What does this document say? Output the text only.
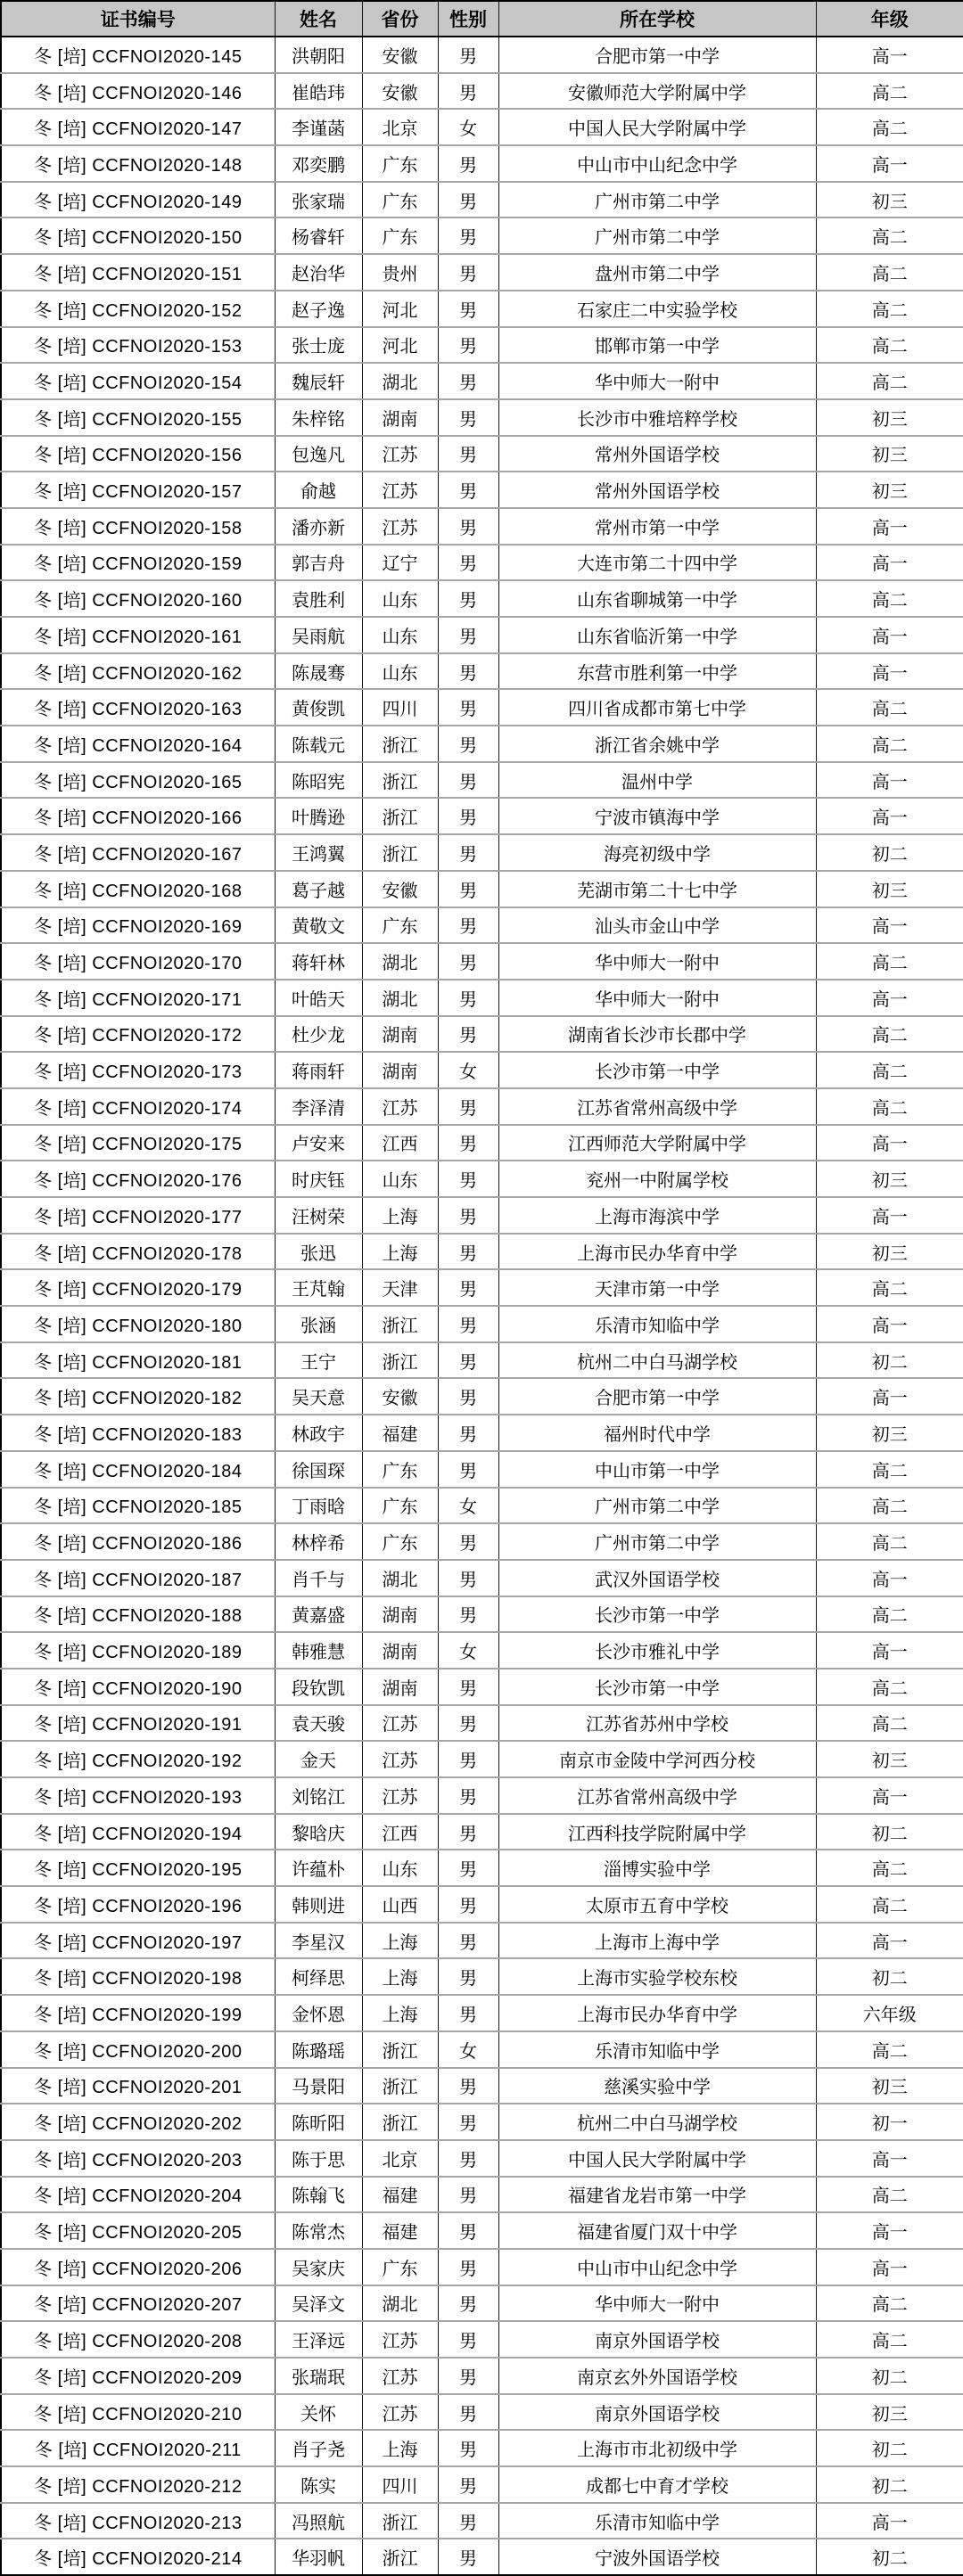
证书编号	姓名	省份	性别	所在学校	年级
冬 [培] CCFNOI2020-145	洪朝阳	安徽	男	合肥市第一中学	高一
冬 [培] CCFNOI2020-146	崔皓玮	安徽	男	安徽师范大学附属中学	高二
冬 [培] CCFNOI2020-147	李谨菡	北京	女	中国人民大学附属中学	高二
冬 [培] CCFNOI2020-148	邓奕鹏	广东	男	中山市中山纪念中学	高一
冬 [培] CCFNOI2020-149	张家瑞	广东	男	广州市第二中学	初三
冬 [培] CCFNOI2020-150	杨睿轩	广东	男	广州市第二中学	高二
冬 [培] CCFNOI2020-151	赵治华	贵州	男	盘州市第二中学	高二
冬 [培] CCFNOI2020-152	赵子逸	河北	男	石家庄二中实验学校	高二
冬 [培] CCFNOI2020-153	张士庞	河北	男	邯郸市第一中学	高二
冬 [培] CCFNOI2020-154	魏辰轩	湖北	男	华中师大一附中	高二
冬 [培] CCFNOI2020-155	朱梓铭	湖南	男	长沙市中雅培粹学校	初三
冬 [培] CCFNOI2020-156	包逸凡	江苏	男	常州外国语学校	初三
冬 [培] CCFNOI2020-157	俞越	江苏	男	常州外国语学校	初三
冬 [培] CCFNOI2020-158	潘亦新	江苏	男	常州市第一中学	高一
冬 [培] CCFNOI2020-159	郭吉舟	辽宁	男	大连市第二十四中学	高一
冬 [培] CCFNOI2020-160	袁胜利	山东	男	山东省聊城第一中学	高二
冬 [培] CCFNOI2020-161	吴雨航	山东	男	山东省临沂第一中学	高一
冬 [培] CCFNOI2020-162	陈晟骞	山东	男	东营市胜利第一中学	高一
冬 [培] CCFNOI2020-163	黄俊凯	四川	男	四川省成都市第七中学	高二
冬 [培] CCFNOI2020-164	陈载元	浙江	男	浙江省余姚中学	高二
冬 [培] CCFNOI2020-165	陈昭宪	浙江	男	温州中学	高一
冬 [培] CCFNOI2020-166	叶腾逊	浙江	男	宁波市镇海中学	高一
冬 [培] CCFNOI2020-167	王鸿翼	浙江	男	海亮初级中学	初二
冬 [培] CCFNOI2020-168	葛子越	安徽	男	芜湖市第二十七中学	初三
冬 [培] CCFNOI2020-169	黄敬文	广东	男	汕头市金山中学	高一
冬 [培] CCFNOI2020-170	蒋轩林	湖北	男	华中师大一附中	高二
冬 [培] CCFNOI2020-171	叶皓天	湖北	男	华中师大一附中	高一
冬 [培] CCFNOI2020-172	杜少龙	湖南	男	湖南省长沙市长郡中学	高二
冬 [培] CCFNOI2020-173	蒋雨轩	湖南	女	长沙市第一中学	高二
冬 [培] CCFNOI2020-174	李泽清	江苏	男	江苏省常州高级中学	高二
冬 [培] CCFNOI2020-175	卢安来	江西	男	江西师范大学附属中学	高一
冬 [培] CCFNOI2020-176	时庆钰	山东	男	兖州一中附属学校	初三
冬 [培] CCFNOI2020-177	汪树荣	上海	男	上海市海滨中学	高一
冬 [培] CCFNOI2020-178	张迅	上海	男	上海市民办华育中学	初三
冬 [培] CCFNOI2020-179	王芃翰	天津	男	天津市第一中学	高二
冬 [培] CCFNOI2020-180	张涵	浙江	男	乐清市知临中学	高一
冬 [培] CCFNOI2020-181	王宁	浙江	男	杭州二中白马湖学校	初二
冬 [培] CCFNOI2020-182	吴天意	安徽	男	合肥市第一中学	高一
冬 [培] CCFNOI2020-183	林政宇	福建	男	福州时代中学	初三
冬 [培] CCFNOI2020-184	徐国琛	广东	男	中山市第一中学	高二
冬 [培] CCFNOI2020-185	丁雨晗	广东	女	广州市第二中学	高二
冬 [培] CCFNOI2020-186	林梓希	广东	男	广州市第二中学	高二
冬 [培] CCFNOI2020-187	肖千与	湖北	男	武汉外国语学校	高一
冬 [培] CCFNOI2020-188	黄嘉盛	湖南	男	长沙市第一中学	高二
冬 [培] CCFNOI2020-189	韩雅慧	湖南	女	长沙市雅礼中学	高一
冬 [培] CCFNOI2020-190	段钦凯	湖南	男	长沙市第一中学	高二
冬 [培] CCFNOI2020-191	袁天骏	江苏	男	江苏省苏州中学校	高二
冬 [培] CCFNOI2020-192	金天	江苏	男	南京市金陵中学河西分校	初三
冬 [培] CCFNOI2020-193	刘铭江	江苏	男	江苏省常州高级中学	高一
冬 [培] CCFNOI2020-194	黎晗庆	江西	男	江西科技学院附属中学	初二
冬 [培] CCFNOI2020-195	许蕴朴	山东	男	淄博实验中学	高二
冬 [培] CCFNOI2020-196	韩则进	山西	男	太原市五育中学校	高二
冬 [培] CCFNOI2020-197	李星汉	上海	男	上海市上海中学	高一
冬 [培] CCFNOI2020-198	柯绎思	上海	男	上海市实验学校东校	初二
冬 [培] CCFNOI2020-199	金怀恩	上海	男	上海市民办华育中学	六年级
冬 [培] CCFNOI2020-200	陈璐瑶	浙江	女	乐清市知临中学	高二
冬 [培] CCFNOI2020-201	马景阳	浙江	男	慈溪实验中学	初三
冬 [培] CCFNOI2020-202	陈昕阳	浙江	男	杭州二中白马湖学校	初一
冬 [培] CCFNOI2020-203	陈于思	北京	男	中国人民大学附属中学	高一
冬 [培] CCFNOI2020-204	陈翰飞	福建	男	福建省龙岩市第一中学	高二
冬 [培] CCFNOI2020-205	陈常杰	福建	男	福建省厦门双十中学	高一
冬 [培] CCFNOI2020-206	吴家庆	广东	男	中山市中山纪念中学	高一
冬 [培] CCFNOI2020-207	吴泽文	湖北	男	华中师大一附中	高二
冬 [培] CCFNOI2020-208	王泽远	江苏	男	南京外国语学校	高二
冬 [培] CCFNOI2020-209	张瑞珉	江苏	男	南京玄外外国语学校	初二
冬 [培] CCFNOI2020-210	关怀	江苏	男	南京外国语学校	初三
冬 [培] CCFNOI2020-211	肖子尧	上海	男	上海市市北初级中学	初二
冬 [培] CCFNOI2020-212	陈实	四川	男	成都七中育才学校	初二
冬 [培] CCFNOI2020-213	冯照航	浙江	男	乐清市知临中学	高一
冬 [培] CCFNOI2020-214	华羽帆	浙江	男	宁波外国语学校	初二
